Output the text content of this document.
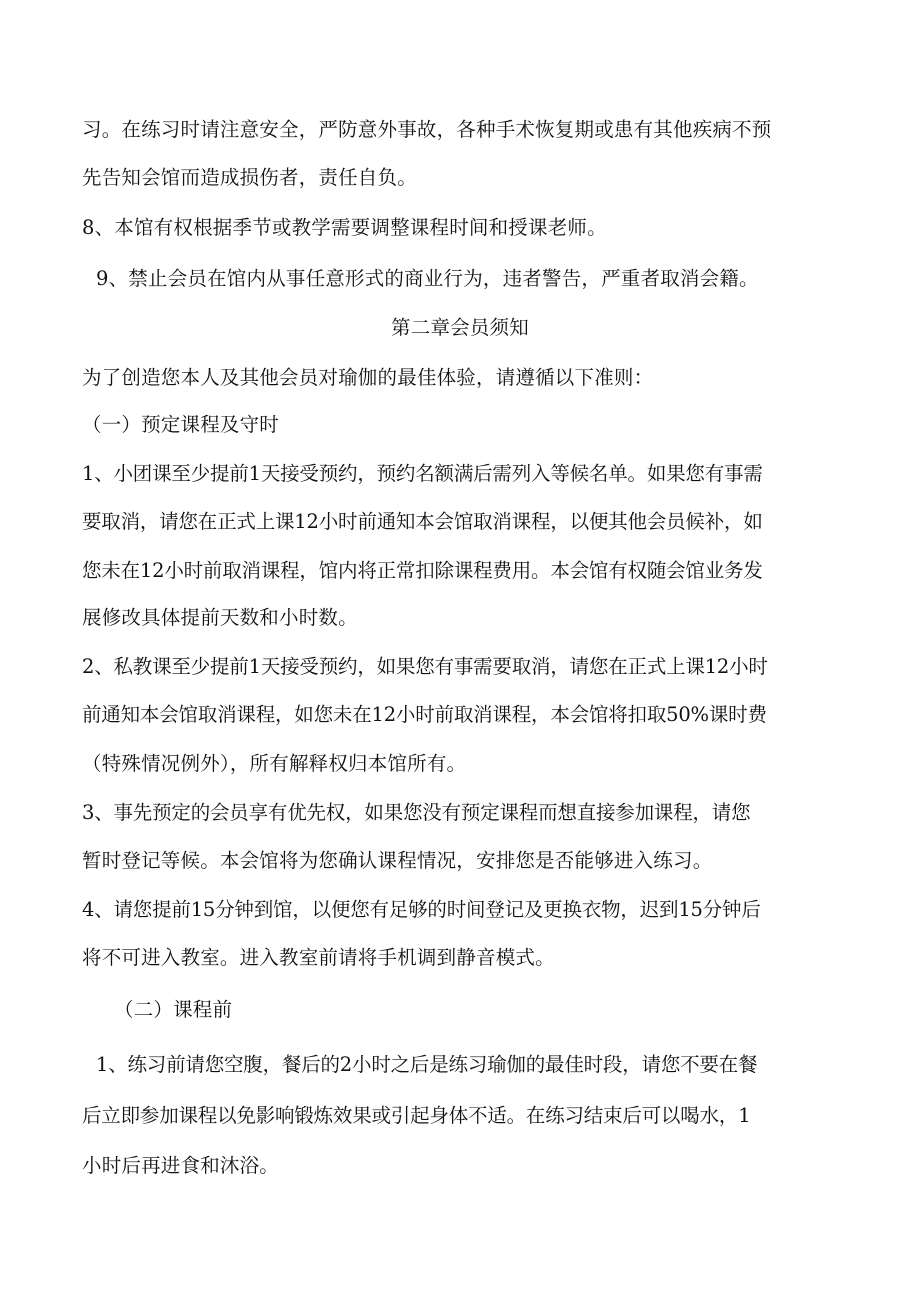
习。在练习时请注意安全，严防意外事故，各种手术恢复期或患有其他疾病不预
先告知会馆而造成损伤者，责任自负。
8、本馆有权根据季节或教学需要调整课程时间和授课老师。
9、禁止会员在馆内从事任意形式的商业行为，违者警告，严重者取消会籍。
第二章会员须知
为了创造您本人及其他会员对瑜伽的最佳体验，请遵循以下准则：
（一）预定课程及守时
1、小团课至少提前1天接受预约，预约名额满后需列入等候名单。如果您有事需
要取消，请您在正式上课12小时前通知本会馆取消课程，以便其他会员候补，如
您未在12小时前取消课程，馆内将正常扣除课程费用。本会馆有权随会馆业务发
展修改具体提前天数和小时数。
2、私教课至少提前1天接受预约，如果您有事需要取消，请您在正式上课12小时
前通知本会馆取消课程，如您未在12小时前取消课程，本会馆将扣取50%课时费
（特殊情况例外），所有解释权归本馆所有。
3、事先预定的会员享有优先权，如果您没有预定课程而想直接参加课程，请您
暂时登记等候。本会馆将为您确认课程情况，安排您是否能够进入练习。
4、请您提前15分钟到馆，以便您有足够的时间登记及更换衣物，迟到15分钟后
将不可进入教室。进入教室前请将手机调到静音模式。
（二）课程前
1、练习前请您空腹，餐后的2小时之后是练习瑜伽的最佳时段，请您不要在餐
后立即参加课程以免影响锻炼效果或引起身体不适。在练习结束后可以喝水，1
小时后再进食和沐浴。
